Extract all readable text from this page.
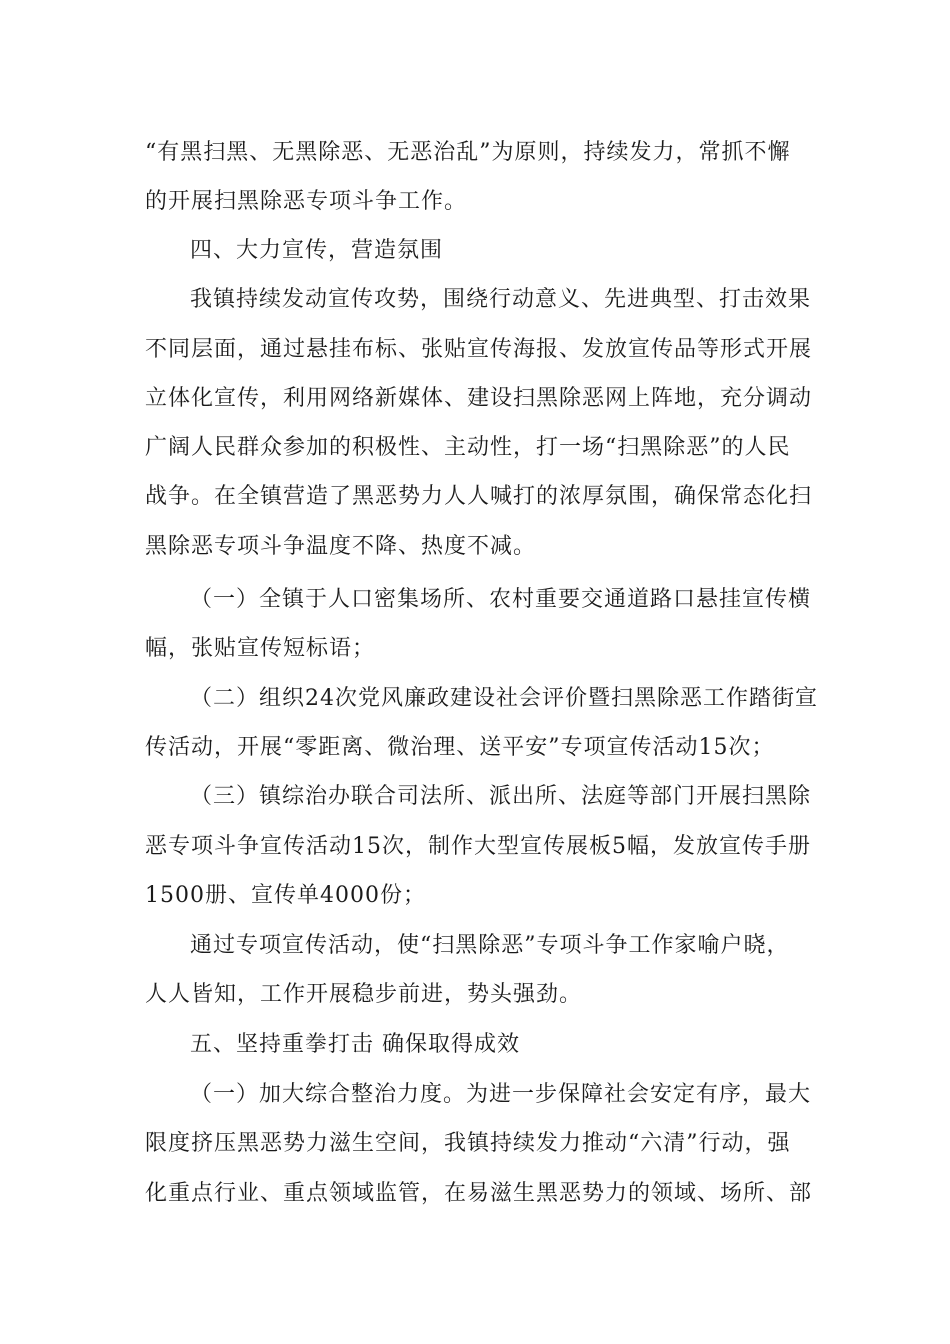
“有黑扫黑、无黑除恶、无恶治乱”为原则，持续发力，常抓不懈
的开展扫黑除恶专项斗争工作。
四、大力宣传，营造氛围
我镇持续发动宣传攻势，围绕行动意义、先进典型、打击效果
不同层面，通过悬挂布标、张贴宣传海报、发放宣传品等形式开展
立体化宣传，利用网络新媒体、建设扫黑除恶网上阵地，充分调动
广阔人民群众参加的积极性、主动性，打一场“扫黑除恶”的人民
战争。在全镇营造了黑恶势力人人喊打的浓厚氛围，确保常态化扫
黑除恶专项斗争温度不降、热度不减。
（一）全镇于人口密集场所、农村重要交通道路口悬挂宣传横
幅，张贴宣传短标语；
（二）组织24次党风廉政建设社会评价暨扫黑除恶工作踏街宣
传活动，开展“零距离、微治理、送平安”专项宣传活动15次；
（三）镇综治办联合司法所、派出所、法庭等部门开展扫黑除
恶专项斗争宣传活动15次，制作大型宣传展板5幅，发放宣传手册
1500册、宣传单4000份；
通过专项宣传活动，使“扫黑除恶”专项斗争工作家喻户晓，
人人皆知，工作开展稳步前进，势头强劲。
五、坚持重拳打击 确保取得成效
（一）加大综合整治力度。为进一步保障社会安定有序，最大
限度挤压黑恶势力滋生空间，我镇持续发力推动“六清”行动，强
化重点行业、重点领域监管，在易滋生黑恶势力的领域、场所、部
